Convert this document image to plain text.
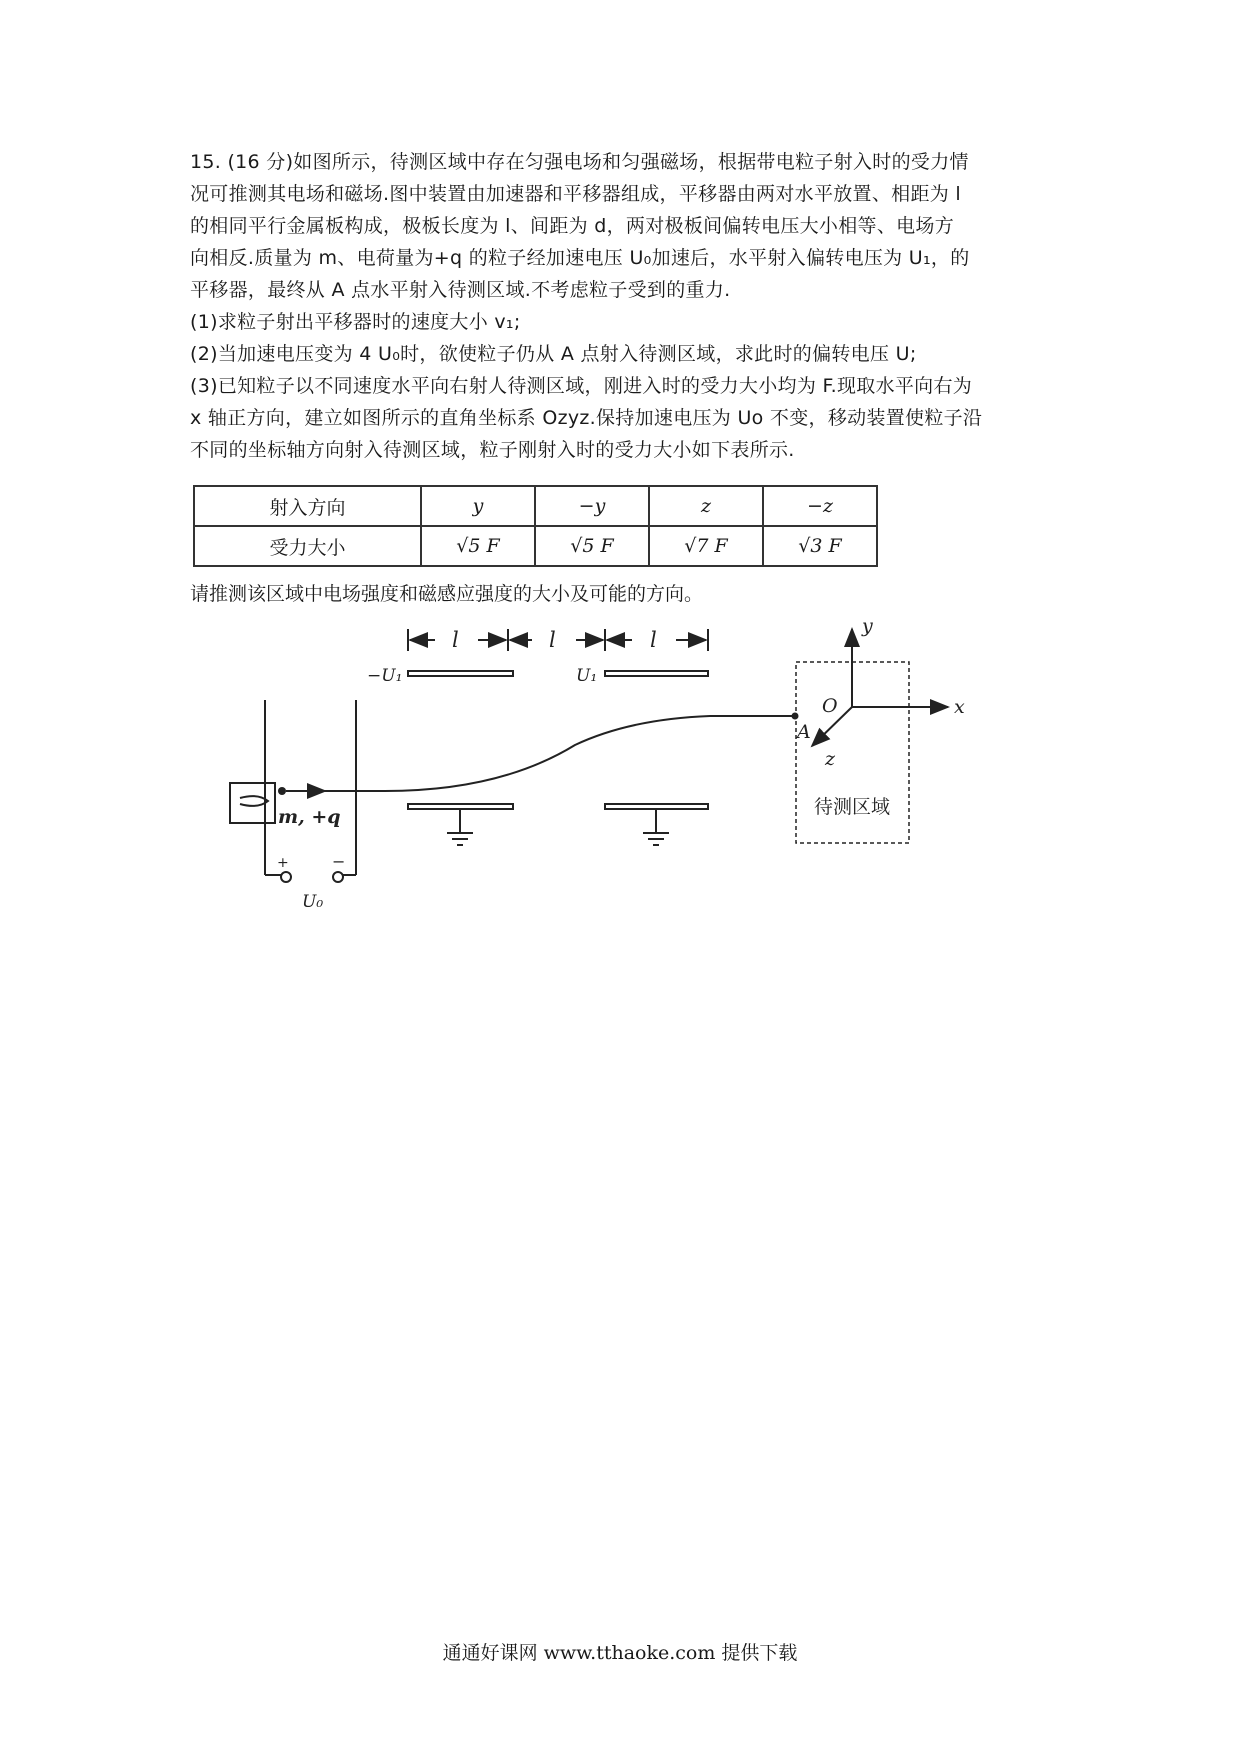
15. (16 分)如图所示，待测区域中存在匀强电场和匀强磁场，根据带电粒子射入时的受力情

况可推测其电场和磁场.图中装置由加速器和平移器组成，平移器由两对水平放置、相距为 l

的相同平行金属板构成，极板长度为 l、间距为 d，两对极板间偏转电压大小相等、电场方

向相反.质量为 m、电荷量为+q 的粒子经加速电压 U₀加速后，水平射入偏转电压为 U₁，的

平移器，最终从 A 点水平射入待测区域.不考虑粒子受到的重力.

(1)求粒子射出平移器时的速度大小 v₁;

(2)当加速电压变为 4 U₀时，欲使粒子仍从 A 点射入待测区域，求此时的偏转电压 U;

(3)已知粒子以不同速度水平向右射人待测区域，刚进入时的受力大小均为 F.现取水平向右为

x 轴正方向，建立如图所示的直角坐标系 Ozyz.保持加速电压为 Uo 不变，移动装置使粒子沿

不同的坐标轴方向射入待测区域，粒子刚射入时的受力大小如下表所示.

射入方向	y	−y	z	−z
受力大小	√5 F	√5 F	√7 F	√3 F
请推测该区域中电场强度和磁感应强度的大小及可能的方向。
+	−
U₀
m, +q
−U₁	U₁
l	l	l
A
待测区域
O	x
y
z
通通好课网 www.tthaoke.com 提供下载
